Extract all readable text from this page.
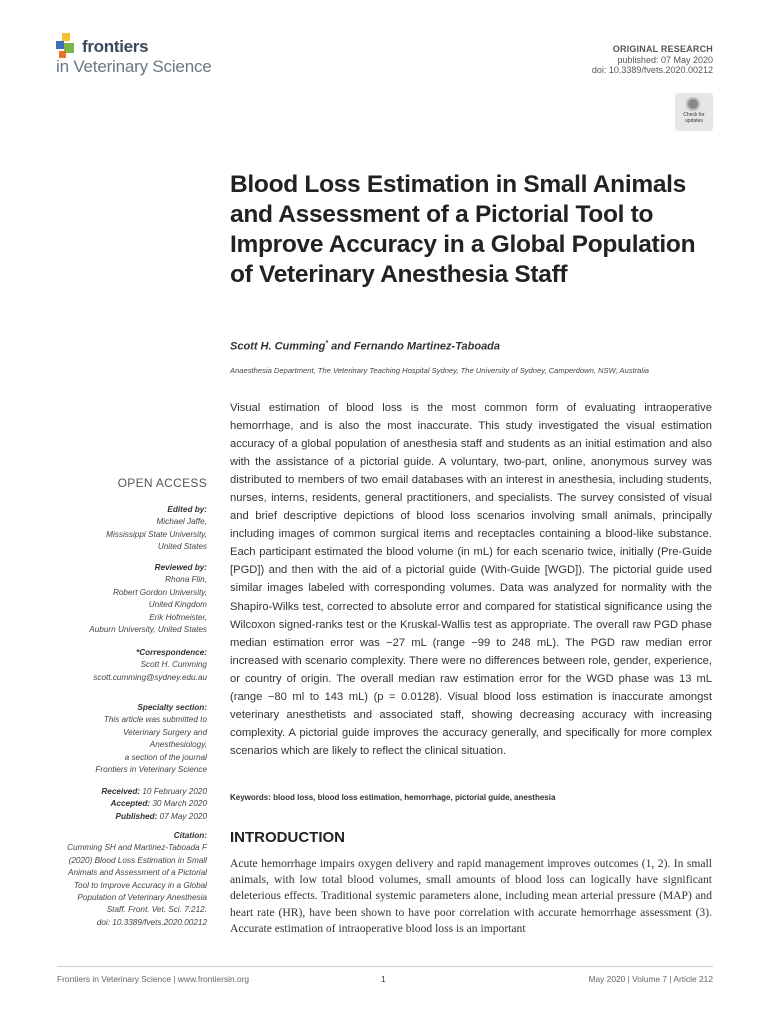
frontiers
in Veterinary Science
ORIGINAL RESEARCH
published: 07 May 2020
doi: 10.3389/fvets.2020.00212
Check for updates
Blood Loss Estimation in Small Animals and Assessment of a Pictorial Tool to Improve Accuracy in a Global Population of Veterinary Anesthesia Staff
Scott H. Cumming* and Fernando Martinez-Taboada
Anaesthesia Department, The Veterinary Teaching Hospital Sydney, The University of Sydney, Camperdown, NSW, Australia
Visual estimation of blood loss is the most common form of evaluating intraoperative hemorrhage, and is also the most inaccurate. This study investigated the visual estimation accuracy of a global population of anesthesia staff and students as an initial estimation and also with the assistance of a pictorial guide. A voluntary, two-part, online, anonymous survey was distributed to members of two email databases with an interest in anesthesia, including students, nurses, interns, residents, general practitioners, and specialists. The survey consisted of visual and brief descriptive depictions of blood loss scenarios involving small animals, principally including images of common surgical items and receptacles containing a blood-like substance. Each participant estimated the blood volume (in mL) for each scenario twice, initially (Pre-Guide [PGD]) and then with the aid of a pictorial guide (With-Guide [WGD]). The pictorial guide used similar images labeled with corresponding volumes. Data was analyzed for normality with the Shapiro-Wilks test, corrected to absolute error and compared for statistical significance using the Wilcoxon signed-ranks test or the Kruskal-Wallis test as appropriate. The overall raw PGD phase median estimation error was −27 mL (range −99 to 248 mL). The PGD raw median error increased with scenario complexity. There were no differences between role, gender, experience, or country of origin. The overall median raw estimation error for the WGD phase was 13 mL (range −80 ml to 143 mL) (p = 0.0128). Visual blood loss estimation is inaccurate amongst veterinary anesthetists and associated staff, showing decreasing accuracy with increasing complexity. A pictorial guide improves the accuracy generally, and specifically for more complex scenarios which are likely to reflect the clinical situation.
Keywords: blood loss, blood loss estimation, hemorrhage, pictorial guide, anesthesia
INTRODUCTION
Acute hemorrhage impairs oxygen delivery and rapid management improves outcomes (1, 2). In small animals, with low total blood volumes, small amounts of blood loss can logically have significant deleterious effects. Traditional systemic parameters alone, including mean arterial pressure (MAP) and heart rate (HR), have been shown to have poor correlation with accurate hemorrhage assessment (3). Accurate estimation of intraoperative blood loss is an important
OPEN ACCESS
Edited by:
Michael Jaffe,
Mississippi State University,
United States
Reviewed by:
Rhona Flin,
Robert Gordon University,
United Kingdom
Erik Hofmeister,
Auburn University, United States
*Correspondence:
Scott H. Cumming
scott.cumming@sydney.edu.au
Specialty section:
This article was submitted to
Veterinary Surgery and
Anesthesiology,
a section of the journal
Frontiers in Veterinary Science
Received: 10 February 2020
Accepted: 30 March 2020
Published: 07 May 2020
Citation:
Cumming SH and Martinez-Taboada F
(2020) Blood Loss Estimation in Small
Animals and Assessment of a Pictorial
Tool to Improve Accuracy in a Global
Population of Veterinary Anesthesia
Staff. Front. Vet. Sci. 7:212.
doi: 10.3389/fvets.2020.00212
Frontiers in Veterinary Science | www.frontiersin.org	1	May 2020 | Volume 7 | Article 212
